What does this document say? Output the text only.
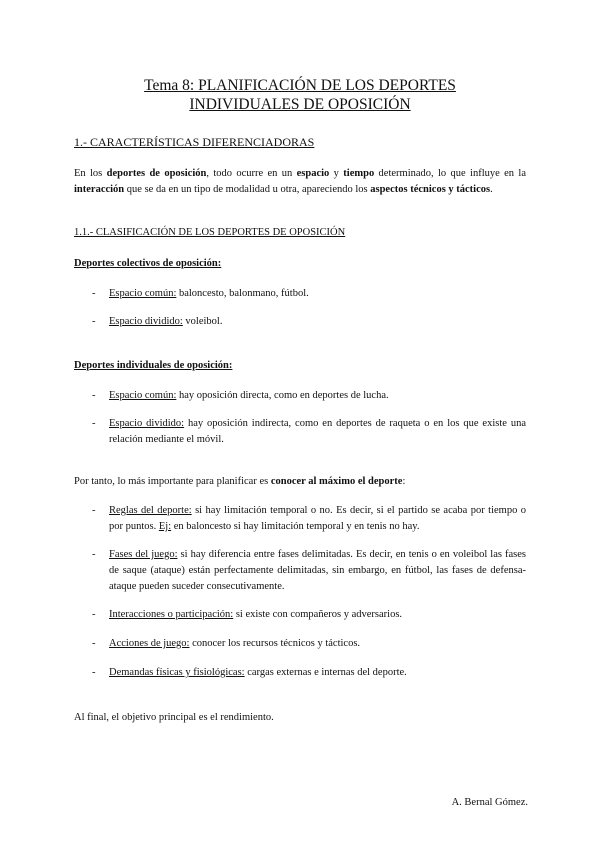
Tema 8: PLANIFICACIÓN DE LOS DEPORTES
INDIVIDUALES DE OPOSICIÓN
1.- CARACTERÍSTICAS DIFERENCIADORAS
En los deportes de oposición, todo ocurre en un espacio y tiempo determinado, lo que influye en la interacción que se da en un tipo de modalidad u otra, apareciendo los aspectos técnicos y tácticos.
1.1.- CLASIFICACIÓN DE LOS DEPORTES DE OPOSICIÓN
Deportes colectivos de oposición:
- Espacio común: baloncesto, balonmano, fútbol.
- Espacio dividido: voleibol.
Deportes individuales de oposición:
- Espacio común: hay oposición directa, como en deportes de lucha.
- Espacio dividido: hay oposición indirecta, como en deportes de raqueta o en los que existe una relación mediante el móvil.
Por tanto, lo más importante para planificar es conocer al máximo el deporte:
- Reglas del deporte: si hay limitación temporal o no. Es decir, si el partido se acaba por tiempo o por puntos. Ej: en baloncesto si hay limitación temporal y en tenis no hay.
- Fases del juego: si hay diferencia entre fases delimitadas. Es decir, en tenis o en voleibol las fases de saque (ataque) están perfectamente delimitadas, sin embargo, en fútbol, las fases de defensa-ataque pueden suceder consecutivamente.
- Interacciones o participación: si existe con compañeros y adversarios.
- Acciones de juego: conocer los recursos técnicos y tácticos.
- Demandas físicas y fisiológicas: cargas externas e internas del deporte.
Al final, el objetivo principal es el rendimiento.
A. Bernal Gómez.
